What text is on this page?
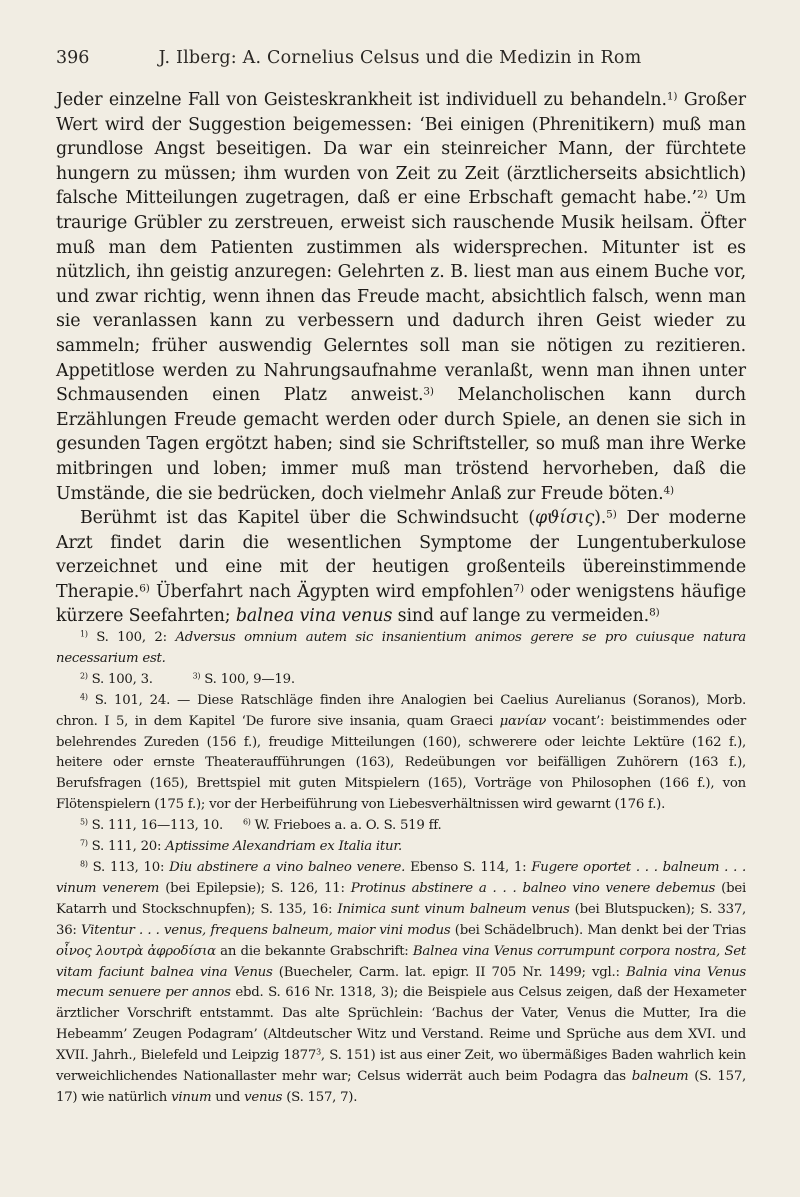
396	J. Ilberg: A. Cornelius Celsus und die Medizin in Rom

Jeder einzelne Fall von Geisteskrankheit ist individuell zu behandeln.$^{1)}$ Großer Wert wird der Suggestion beigemessen: ‘Bei einigen (Phrenitikern) muß man grundlose Angst beseitigen. Da war ein steinreicher Mann, der fürchtete hungern zu müssen; ihm wurden von Zeit zu Zeit (ärztlicherseits absichtlich) falsche Mitteilungen zugetragen, daß er eine Erbschaft gemacht habe.’$^{2)}$ Um traurige Grübler zu zerstreuen, erweist sich rauschende Musik heilsam. Öfter muß man dem Patienten zustimmen als widersprechen. Mitunter ist es nützlich, ihn geistig anzuregen: Gelehrten z. B. liest man aus einem Buche vor, und zwar richtig, wenn ihnen das Freude macht, absichtlich falsch, wenn man sie veranlassen kann zu verbessern und dadurch ihren Geist wieder zu sammeln; früher auswendig Gelerntes soll man sie nötigen zu rezitieren. Appetitlose werden zu Nahrungsaufnahme veranlaßt, wenn man ihnen unter Schmausenden einen Platz anweist.$^{3)}$ Melancholischen kann durch Erzählungen Freude gemacht werden oder durch Spiele, an denen sie sich in gesunden Tagen ergötzt haben; sind sie Schriftsteller, so muß man ihre Werke mitbringen und loben; immer muß man tröstend hervorheben, daß die Umstände, die sie bedrücken, doch vielmehr Anlaß zur Freude böten.$^{4)}$

Berühmt ist das Kapitel über die Schwindsucht (φϑίσις).$^{5)}$ Der moderne Arzt findet darin die wesentlichen Symptome der Lungentuberkulose verzeichnet und eine mit der heutigen großenteils übereinstimmende Therapie.$^{6)}$ Überfahrt nach Ägypten wird empfohlen$^{7)}$ oder wenigstens häufige kürzere Seefahrten; balnea vina venus sind auf lange zu vermeiden.$^{8)}$

$^{1)}$ S. 100, 2: Adversus omnium autem sic insanientium animos gerere se pro cuiusque natura necessarium est.

$^{2)}$ S. 100, 3.	$^{3)}$ S. 100, 9—19.

$^{4)}$ S. 101, 24. — Diese Ratschläge finden ihre Analogien bei Caelius Aurelianus (Soranos), Morb. chron. I 5, in dem Kapitel ‘De furore sive insania, quam Graeci μανίαν vocant’: beistimmendes oder belehrendes Zureden (156 f.), freudige Mitteilungen (160), schwerere oder leichte Lektüre (162 f.), heitere oder ernste Theateraufführungen (163), Redeübungen vor beifälligen Zuhörern (163 f.), Berufsfragen (165), Brettspiel mit guten Mitspielern (165), Vorträge von Philosophen (166 f.), von Flötenspielern (175 f.); vor der Herbeiführung von Liebesverhältnissen wird gewarnt (176 f.).

$^{5)}$ S. 111, 16—113, 10. $^{6)}$ W. Frieboes a. a. O. S. 519 ff.

$^{7)}$ S. 111, 20: Aptissime Alexandriam ex Italia itur.

$^{8)}$ S. 113, 10: Diu abstinere a vino balneo venere. Ebenso S. 114, 1: Fugere oportet . . . balneum . . . vinum venerem (bei Epilepsie); S. 126, 11: Protinus abstinere a . . . balneo vino venere debemus (bei Katarrh und Stockschnupfen); S. 135, 16: Inimica sunt vinum balneum venus (bei Blutspucken); S. 337, 36: Vitentur . . . venus, frequens balneum, maior vini modus (bei Schädelbruch). Man denkt bei der Trias οἶνος λουτρὰ ἀφροδίσια an die bekannte Grabschrift: Balnea vina Venus corrumpunt corpora nostra, Set vitam faciunt balnea vina Venus (Buecheler, Carm. lat. epigr. II 705 Nr. 1499; vgl.: Balnia vina Venus mecum senuere per annos ebd. S. 616 Nr. 1318, 3); die Beispiele aus Celsus zeigen, daß der Hexameter ärztlicher Vorschrift entstammt. Das alte Sprüchlein: ‘Bachus der Vater, Venus die Mutter, Ira die Hebeamm’ Zeugen Podagram’ (Altdeutscher Witz und Verstand. Reime und Sprüche aus dem XVI. und XVII. Jahrh., Bielefeld und Leipzig 1877$^3$, S. 151) ist aus einer Zeit, wo übermäßiges Baden wahrlich kein verweichlichendes Nationallaster mehr war; Celsus widerrät auch beim Podagra das balneum (S. 157, 17) wie natürlich vinum und venus (S. 157, 7).
